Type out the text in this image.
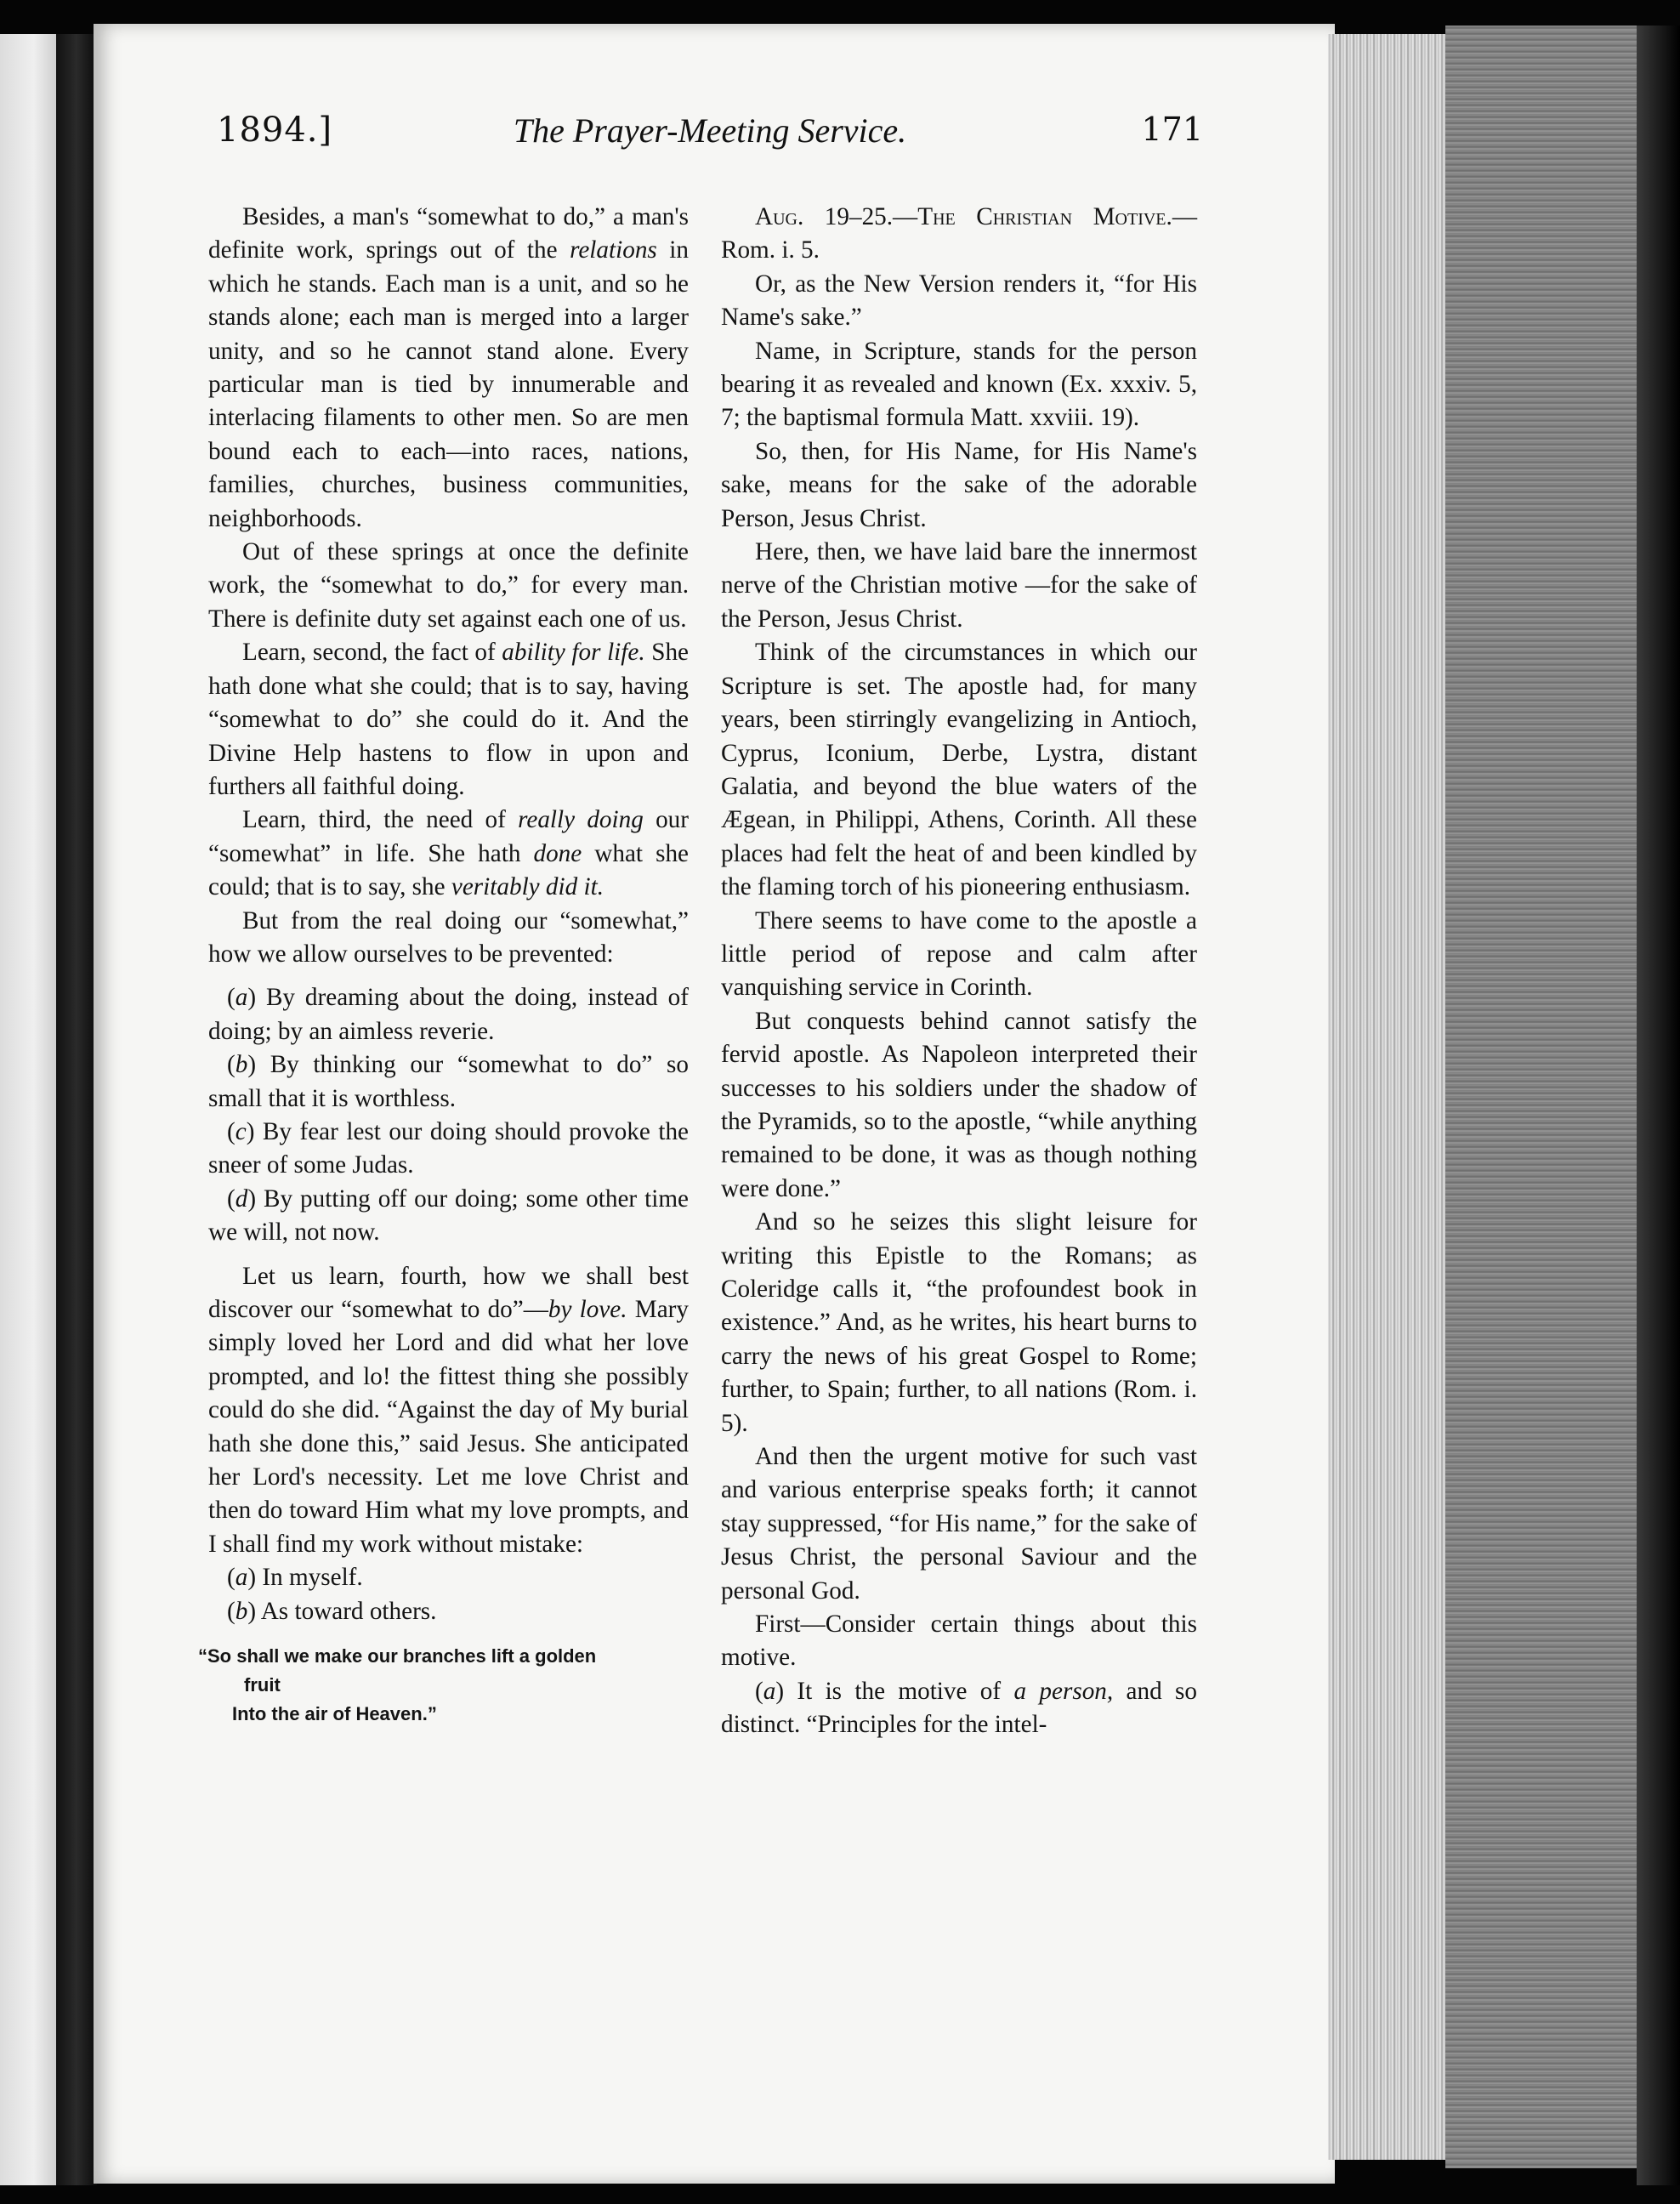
1894.]	The Prayer-Meeting Service.	171

Besides, a man's “somewhat to do,” a man's definite work, springs out of the relations in which he stands. Each man is a unit, and so he stands alone; each man is merged into a larger unity, and so he cannot stand alone. Every particular man is tied by innumerable and interlacing filaments to other men. So are men bound each to each—into races, nations, families, churches, business communities, neighborhoods.

Out of these springs at once the definite work, the “somewhat to do,” for every man. There is definite duty set against each one of us.

Learn, second, the fact of ability for life. She hath done what she could; that is to say, having “somewhat to do” she could do it. And the Divine Help hastens to flow in upon and furthers all faithful doing.

Learn, third, the need of really doing our “somewhat” in life. She hath done what she could; that is to say, she veritably did it.

But from the real doing our “somewhat,” how we allow ourselves to be prevented:

(a) By dreaming about the doing, instead of doing; by an aimless reverie.

(b) By thinking our “somewhat to do” so small that it is worthless.

(c) By fear lest our doing should provoke the sneer of some Judas.

(d) By putting off our doing; some other time we will, not now.

Let us learn, fourth, how we shall best discover our “somewhat to do”—by love. Mary simply loved her Lord and did what her love prompted, and lo! the fittest thing she possibly could do she did. “Against the day of My burial hath she done this,” said Jesus. She anticipated her Lord's necessity. Let me love Christ and then do toward Him what my love prompts, and I shall find my work without mistake:

(a) In myself.

(b) As toward others.

“So shall we make our branches lift a golden

fruit

Into the air of Heaven.”

Aug. 19–25.—The Christian Motive.—Rom. i. 5.

Or, as the New Version renders it, “for His Name's sake.”

Name, in Scripture, stands for the person bearing it as revealed and known (Ex. xxxiv. 5, 7; the baptismal formula Matt. xxviii. 19).

So, then, for His Name, for His Name's sake, means for the sake of the adorable Person, Jesus Christ.

Here, then, we have laid bare the innermost nerve of the Christian motive —for the sake of the Person, Jesus Christ.

Think of the circumstances in which our Scripture is set. The apostle had, for many years, been stirringly evangelizing in Antioch, Cyprus, Iconium, Derbe, Lystra, distant Galatia, and beyond the blue waters of the Ægean, in Philippi, Athens, Corinth. All these places had felt the heat of and been kindled by the flaming torch of his pioneering enthusiasm.

There seems to have come to the apostle a little period of repose and calm after vanquishing service in Corinth.

But conquests behind cannot satisfy the fervid apostle. As Napoleon interpreted their successes to his soldiers under the shadow of the Pyramids, so to the apostle, “while anything remained to be done, it was as though nothing were done.”

And so he seizes this slight leisure for writing this Epistle to the Romans; as Coleridge calls it, “the profoundest book in existence.” And, as he writes, his heart burns to carry the news of his great Gospel to Rome; further, to Spain; further, to all nations (Rom. i. 5).

And then the urgent motive for such vast and various enterprise speaks forth; it cannot stay suppressed, “for His name,” for the sake of Jesus Christ, the personal Saviour and the personal God.

First—Consider certain things about this motive.

(a) It is the motive of a person, and so distinct. “Principles for the intel-
